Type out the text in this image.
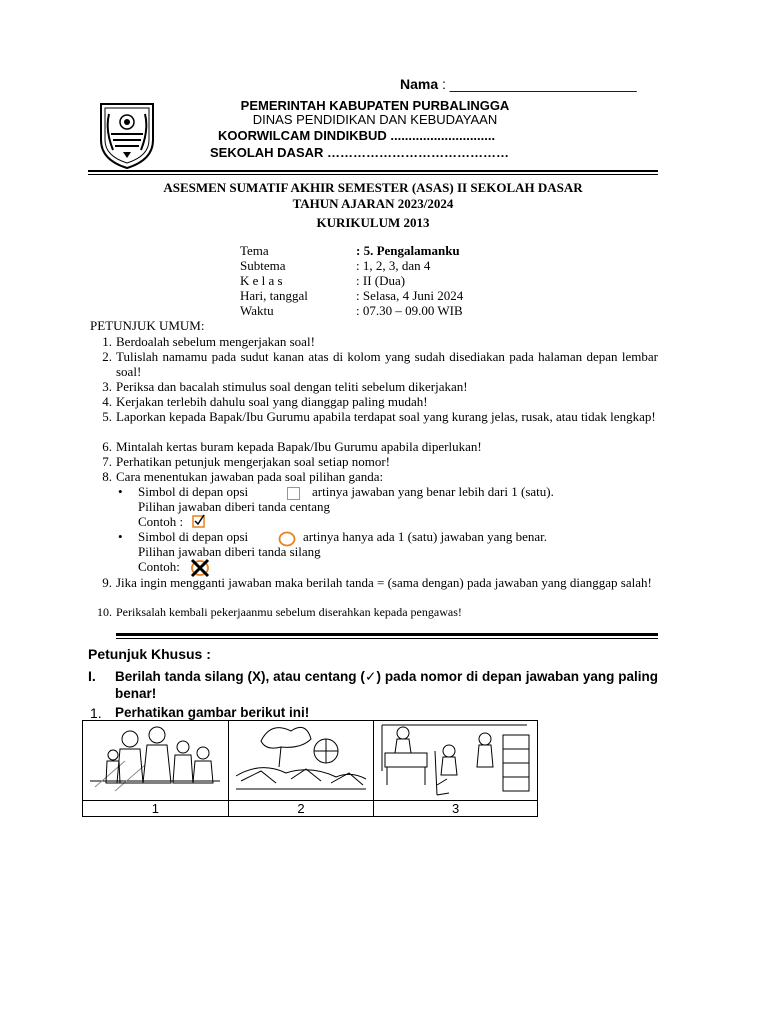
Nama : ________________________
PEMERINTAH KABUPATEN PURBALINGGA
DINAS PENDIDIKAN DAN KEBUDAYAAN
KOORWILCAM DINDIKBUD .............................
SEKOLAH DASAR ……………………………………
ASESMEN SUMATIF AKHIR SEMESTER (ASAS) II SEKOLAH DASAR
TAHUN AJARAN 2023/2024
KURIKULUM 2013
Tema	: 5. Pengalamanku
Subtema	: 1, 2, 3, dan 4
K e l a s	: II (Dua)
Hari, tanggal	: Selasa, 4 Juni 2024
Waktu	: 07.30 – 09.00 WIB
PETUNJUK UMUM:
1. Berdoalah sebelum mengerjakan soal!
2. Tulislah namamu pada sudut kanan atas di kolom yang sudah disediakan pada halaman depan lembar soal!
3. Periksa dan bacalah stimulus soal dengan teliti sebelum dikerjakan!
4. Kerjakan terlebih dahulu soal yang dianggap paling mudah!
5. Laporkan kepada Bapak/Ibu Gurumu apabila terdapat soal yang kurang jelas, rusak, atau tidak lengkap!
6. Mintalah kertas buram kepada Bapak/Ibu Gurumu apabila diperlukan!
7. Perhatikan petunjuk mengerjakan soal setiap nomor!
8. Cara menentukan jawaban pada soal pilihan ganda:
• Simbol di depan opsi	artinya jawaban yang benar lebih dari 1 (satu).
Pilihan jawaban diberi tanda centang
Contoh :
• Simbol di depan opsi	artinya hanya ada 1 (satu) jawaban yang benar.
Pilihan jawaban diberi tanda silang
Contoh:
9. Jika ingin mengganti jawaban maka berilah tanda = (sama dengan) pada jawaban yang dianggap salah!
10. Periksalah kembali pekerjaanmu sebelum diserahkan kepada pengawas!
Petunjuk Khusus :
I. Berilah tanda silang (X), atau centang (✓) pada nomor di depan jawaban yang paling benar!
1. Perhatikan gambar berikut ini!

1	2	3
